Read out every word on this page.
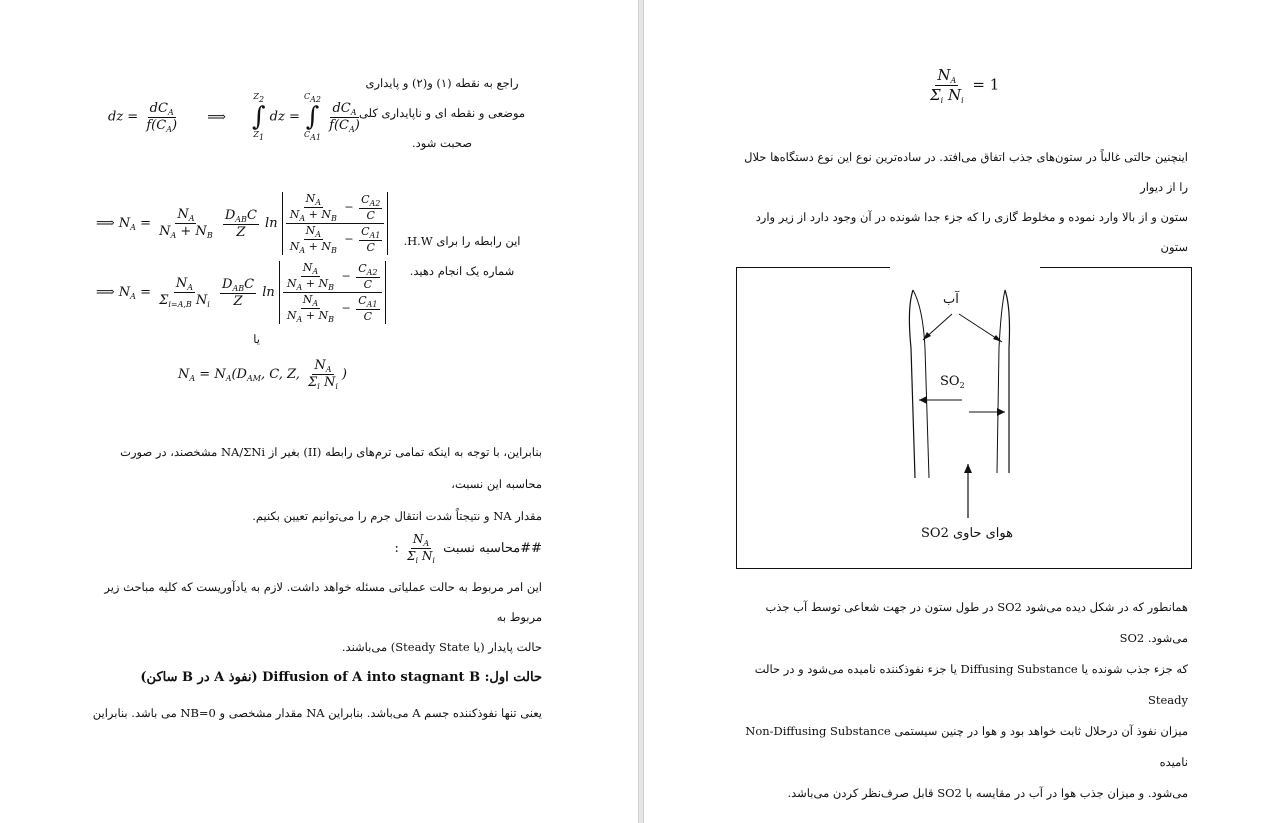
راجع به نقطه (۱) و(۲) و پایداری
موضعی و نقطه ای و ناپایداری کلی
صحبت شود.
dz = $\frac{dC_A}{f(C_A)}$ ⟹
Z2
∫
Z1
dz =
CA2
∫
CA1

$\frac{dC_A}{f(C_A)}$
این رابطه را برای H.W.
شماره یک انجام دهید.
⟹ $N_A = \frac{N_A}{N_A + N_B}$
$\frac{D_{AB}C}{Z}$ ln
$\frac{N_A}{N_A + N_B} - \frac{C_{A2}}{C}$
$\frac{N_A}{N_A + N_B} - \frac{C_{A1}}{C}$
⟹ $N_A = \frac{N_A}{\Sigma_{i=A,B} N_i}$
$\frac{D_{AB}C}{Z}$ ln
$\frac{N_A}{N_A + N_B} - \frac{C_{A2}}{C}$
$\frac{N_A}{N_A + N_B} - \frac{C_{A1}}{C}$
یا
$N_A = N_A(D_{AM}$, C, Z, $\frac{N_A}{\Sigma_i N_i}$ )
بنابراین، با توجه به اینکه تمامی ترم‌های رابطه (II) بغیر از NA/ΣNi مشخصند، در صورت محاسبه این نسبت،
مقدار NA و نتیجتاً شدت انتقال جرم را می‌توانیم تعیین بکنیم.
##محاسبه نسبت
$\frac{N_A}{\Sigma_i N_i}$
:
این امر مربوط به حالت عملیاتی مسئله خواهد داشت. لازم به یادآوریست که کلیه مباحث زیر مربوط به
حالت پایدار (یا Steady State) می‌باشند.
حالت اول: Diffusion of A into stagnant B (نفوذ A در B ساکن)
یعنی تنها نفوذکننده جسم A می‌باشد. بنابراین NA مقدار مشخصی و NB=0 می باشد. بنابراین
$\frac{N_A}{\Sigma_i N_i} = 1$
اینچنین حالتی غالباً در ستون‌های جذب اتفاق می‌افتد. در ساده‌ترین نوع این نوع دستگاه‌ها حلال را از دیوار
ستون و از بالا وارد نموده و مخلوط گازی را که جزء جدا شونده در آن وجود دارد از زیر وارد ستون
آب
$SO_2$
هوای حاوی SO2
همانطور که در شکل دیده می‌شود SO2 در طول ستون در جهت شعاعی توسط آب جذب می‌شود. SO2
که جزء جذب شونده یا Diffusing Substance یا جزء نفوذکننده نامیده می‌شود و در حالت Steady
میزان نفوذ آن درحلال ثابت خواهد بود و هوا در چنین سیستمی Non-Diffusing Substance نامیده
می‌شود. و میزان جذب هوا در آب در مقایسه با SO2 قابل صرف‌نظر کردن می‌باشد.
